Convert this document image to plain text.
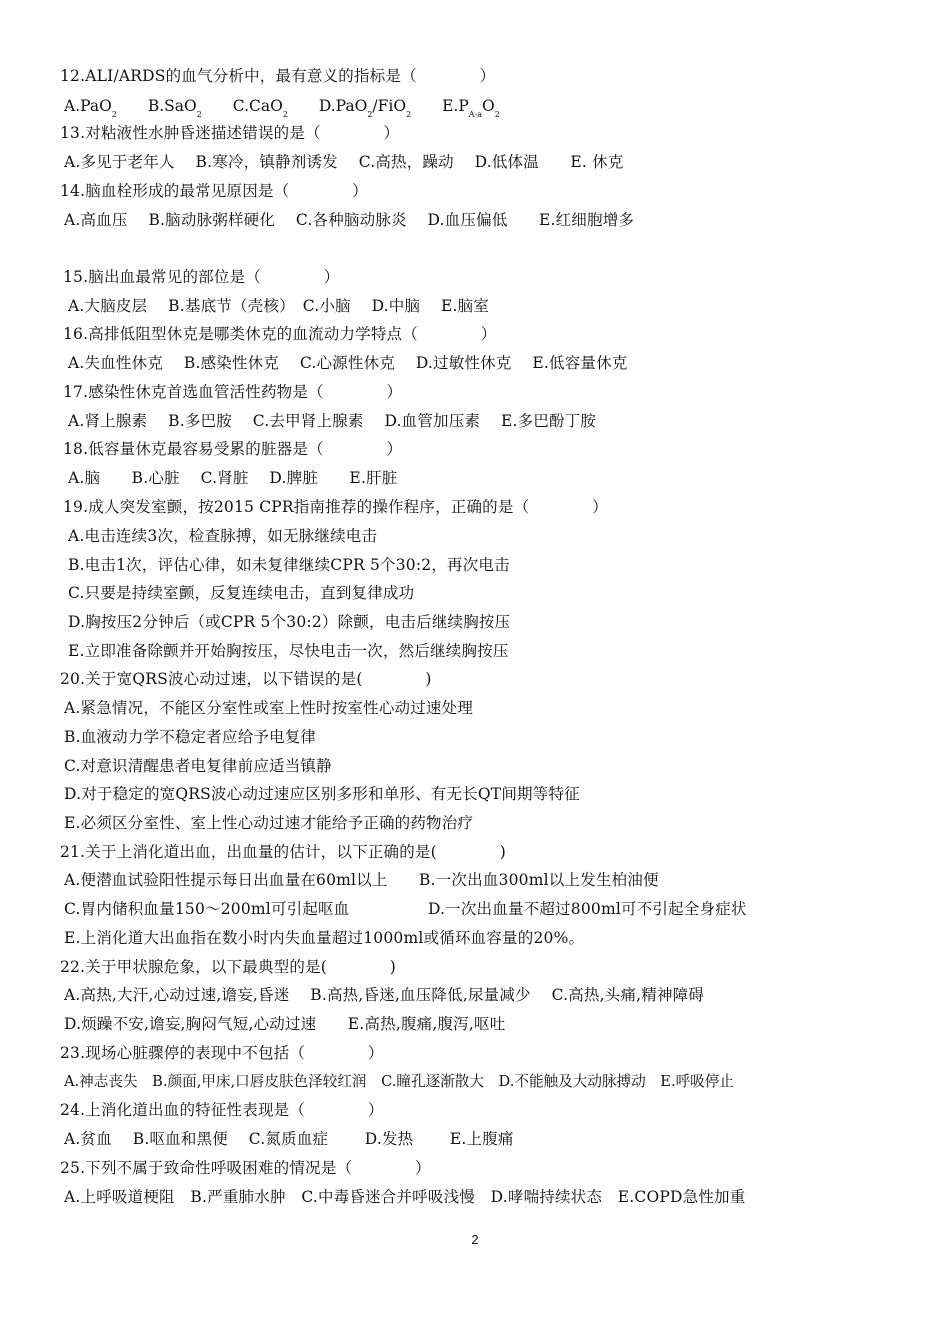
12.ALI/ARDS的血气分析中，最有意义的指标是（　　　　）
A.PaO$_2$ B.SaO$_2$ C.CaO$_2$ D.PaO$_2$/FiO$_2$ $E.P_{A-a}O_2$
13.对粘液性水肿昏迷描述错误的是（　　　　）
A.多见于老年人　 B.寒冷，镇静剂诱发　 C.高热，躁动　 D.低体温　　E. 休克
14.脑血栓形成的最常见原因是（　　　　）
A.高血压　 B.脑动脉粥样硬化　 C.各种脑动脉炎　 D.血压偏低　　E.红细胞增多
15.脑出血最常见的部位是（　　　　）
A.大脑皮层　 B.基底节（壳核）　C.小脑　 D.中脑　 E.脑室
16.高排低阻型休克是哪类休克的血流动力学特点（　　　　）
A.失血性休克　 B.感染性休克　 C.心源性休克　 D.过敏性休克　 E.低容量休克
17.感染性休克首选血管活性药物是（　　　　）
A.肾上腺素　 B.多巴胺　 C.去甲肾上腺素　 D.血管加压素　 E.多巴酚丁胺
18.低容量休克最容易受累的脏器是（　　　　）
A.脑　　B.心脏　 C.肾脏　 D.脾脏　　E.肝脏
19.成人突发室颤，按2015 CPR指南推荐的操作程序，正确的是（　　　　）
A.电击连续3次，检查脉搏，如无脉继续电击
B.电击1次，评估心律，如未复律继续CPR 5个30:2，再次电击
C.只要是持续室颤，反复连续电击，直到复律成功
D.胸按压2分钟后（或CPR 5个30:2）除颤，电击后继续胸按压
E.立即准备除颤并开始胸按压，尽快电击一次，然后继续胸按压
20.关于宽QRS波心动过速，以下错误的是(　　　　)
A.紧急情况，不能区分室性或室上性时按室性心动过速处理
B.血液动力学不稳定者应给予电复律
C.对意识清醒患者电复律前应适当镇静
D.对于稳定的宽QRS波心动过速应区别多形和单形、有无长QT间期等特征
E.必须区分室性、室上性心动过速才能给予正确的药物治疗
21.关于上消化道出血，出血量的估计，以下正确的是(　　　　)
A.便潜血试验阳性提示每日出血量在60ml以上　　B.一次出血300ml以上发生柏油便
C.胃内储积血量150～200ml可引起呕血　　　　　D.一次出血量不超过800ml可不引起全身症状
E.上消化道大出血指在数小时内失血量超过1000ml或循环血容量的20%。
22.关于甲状腺危象，以下最典型的是(　　　　)
A.高热,大汗,心动过速,谵妄,昏迷　 B.高热,昏迷,血压降低,尿量减少　 C.高热,头痛,精神障碍
D.烦躁不安,谵妄,胸闷气短,心动过速　　E.高热,腹痛,腹泻,呕吐
23.现场心脏骤停的表现中不包括（　　　　）
A.神志丧失　B.颜面,甲床,口唇皮肤色泽较红润　C.瞳孔逐渐散大　D.不能触及大动脉搏动　E.呼吸停止
24.上消化道出血的特征性表现是（　　　　）
A.贫血　 B.呕血和黑便　 C.氮质血症　　 D.发热　　 E.上腹痛
25.下列不属于致命性呼吸困难的情况是（　　　　）
A.上呼吸道梗阻　B.严重肺水肿　C.中毒昏迷合并呼吸浅慢　D.哮喘持续状态　E.COPD急性加重
2
